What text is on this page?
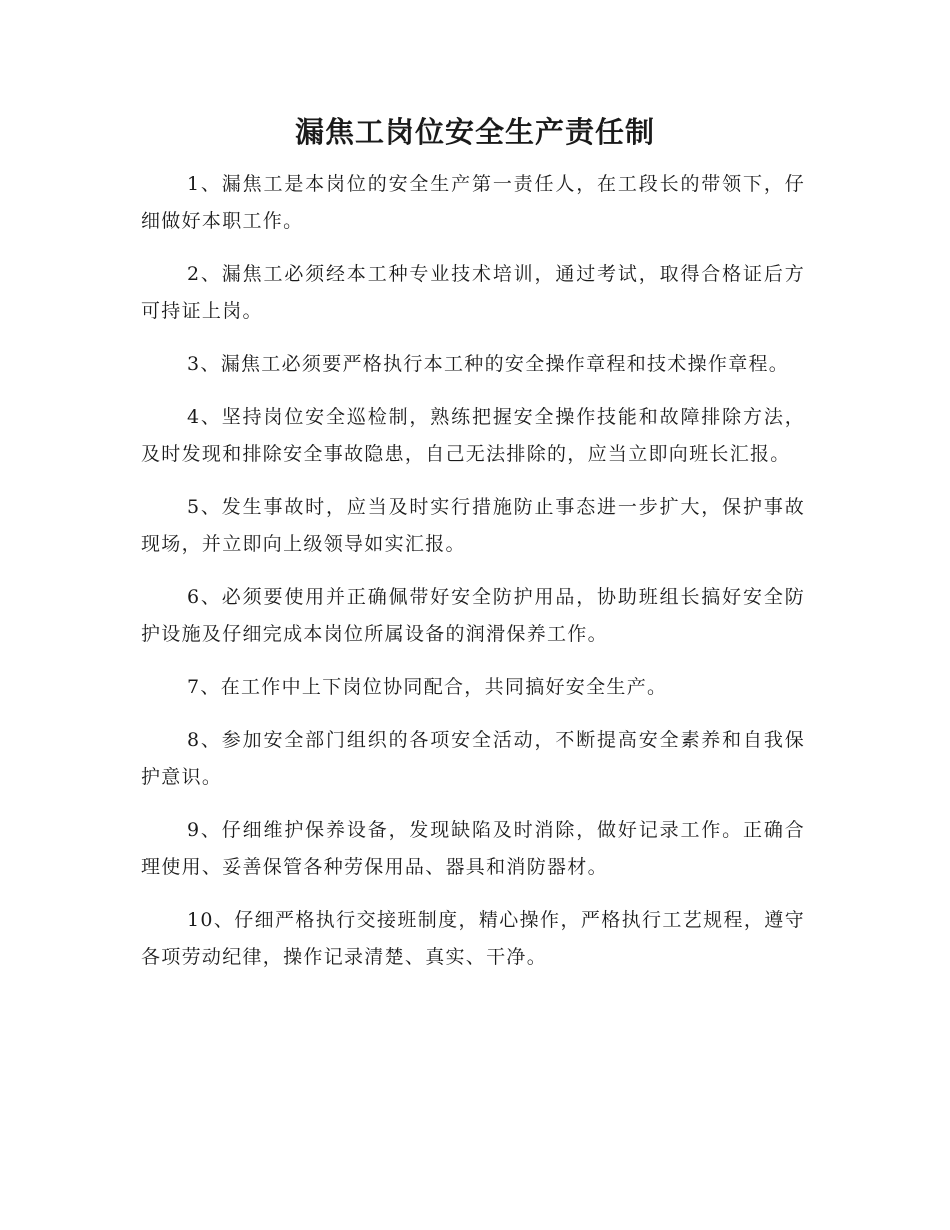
漏焦工岗位安全生产责任制

1、漏焦工是本岗位的安全生产第一责任人，在工段长的带领下，仔细做好本职工作。

2、漏焦工必须经本工种专业技术培训，通过考试，取得合格证后方可持证上岗。

3、漏焦工必须要严格执行本工种的安全操作章程和技术操作章程。

4、坚持岗位安全巡检制，熟练把握安全操作技能和故障排除方法，及时发现和排除安全事故隐患，自己无法排除的，应当立即向班长汇报。

5、发生事故时，应当及时实行措施防止事态进一步扩大，保护事故现场，并立即向上级领导如实汇报。

6、必须要使用并正确佩带好安全防护用品，协助班组长搞好安全防护设施及仔细完成本岗位所属设备的润滑保养工作。

7、在工作中上下岗位协同配合，共同搞好安全生产。

8、参加安全部门组织的各项安全活动，不断提高安全素养和自我保护意识。

9、仔细维护保养设备，发现缺陷及时消除，做好记录工作。正确合理使用、妥善保管各种劳保用品、器具和消防器材。

10、仔细严格执行交接班制度，精心操作，严格执行工艺规程，遵守各项劳动纪律，操作记录清楚、真实、干净。
